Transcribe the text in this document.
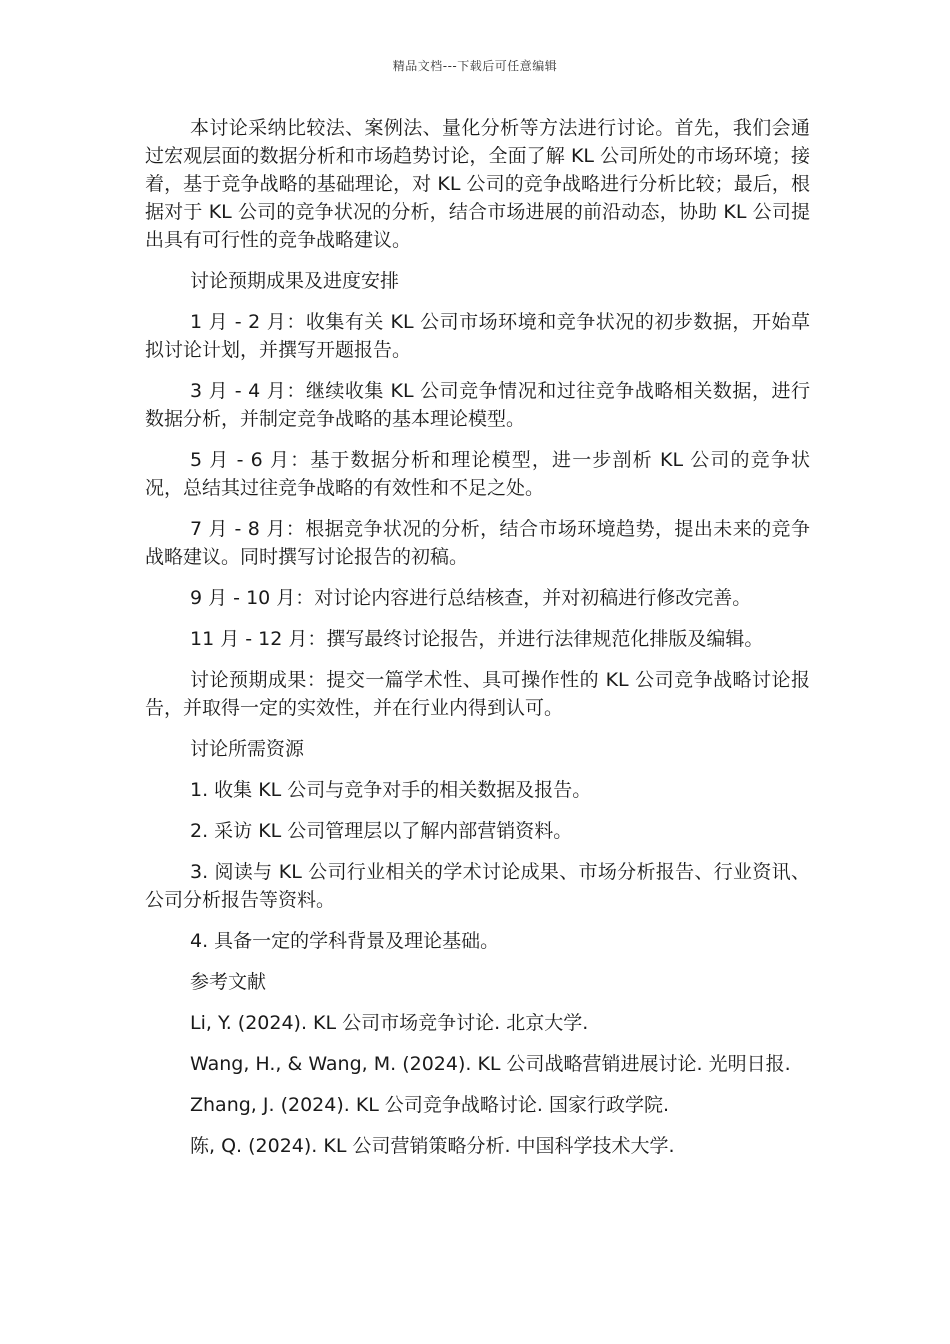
精品文档---下载后可任意编辑

本讨论采纳比较法、案例法、量化分析等方法进行讨论。首先，我们会通过宏观层面的数据分析和市场趋势讨论，全面了解 KL 公司所处的市场环境；接着，基于竞争战略的基础理论，对 KL 公司的竞争战略进行分析比较；最后，根据对于 KL 公司的竞争状况的分析，结合市场进展的前沿动态，协助 KL 公司提出具有可行性的竞争战略建议。

讨论预期成果及进度安排

1 月 - 2 月：收集有关 KL 公司市场环境和竞争状况的初步数据，开始草拟讨论计划，并撰写开题报告。

3 月 - 4 月：继续收集 KL 公司竞争情况和过往竞争战略相关数据，进行数据分析，并制定竞争战略的基本理论模型。

5 月 - 6 月：基于数据分析和理论模型，进一步剖析 KL 公司的竞争状况，总结其过往竞争战略的有效性和不足之处。

7 月 - 8 月：根据竞争状况的分析，结合市场环境趋势，提出未来的竞争战略建议。同时撰写讨论报告的初稿。

9 月 - 10 月：对讨论内容进行总结核查，并对初稿进行修改完善。

11 月 - 12 月：撰写最终讨论报告，并进行法律规范化排版及编辑。

讨论预期成果：提交一篇学术性、具可操作性的 KL 公司竞争战略讨论报告，并取得一定的实效性，并在行业内得到认可。

讨论所需资源

1. 收集 KL 公司与竞争对手的相关数据及报告。

2. 采访 KL 公司管理层以了解内部营销资料。

3. 阅读与 KL 公司行业相关的学术讨论成果、市场分析报告、行业资讯、公司分析报告等资料。

4. 具备一定的学科背景及理论基础。

参考文献

Li, Y. (2024). KL 公司市场竞争讨论. 北京大学.

Wang, H., & Wang, M. (2024). KL 公司战略营销进展讨论. 光明日报.

Zhang, J. (2024). KL 公司竞争战略讨论. 国家行政学院.

陈, Q. (2024). KL 公司营销策略分析. 中国科学技术大学.
